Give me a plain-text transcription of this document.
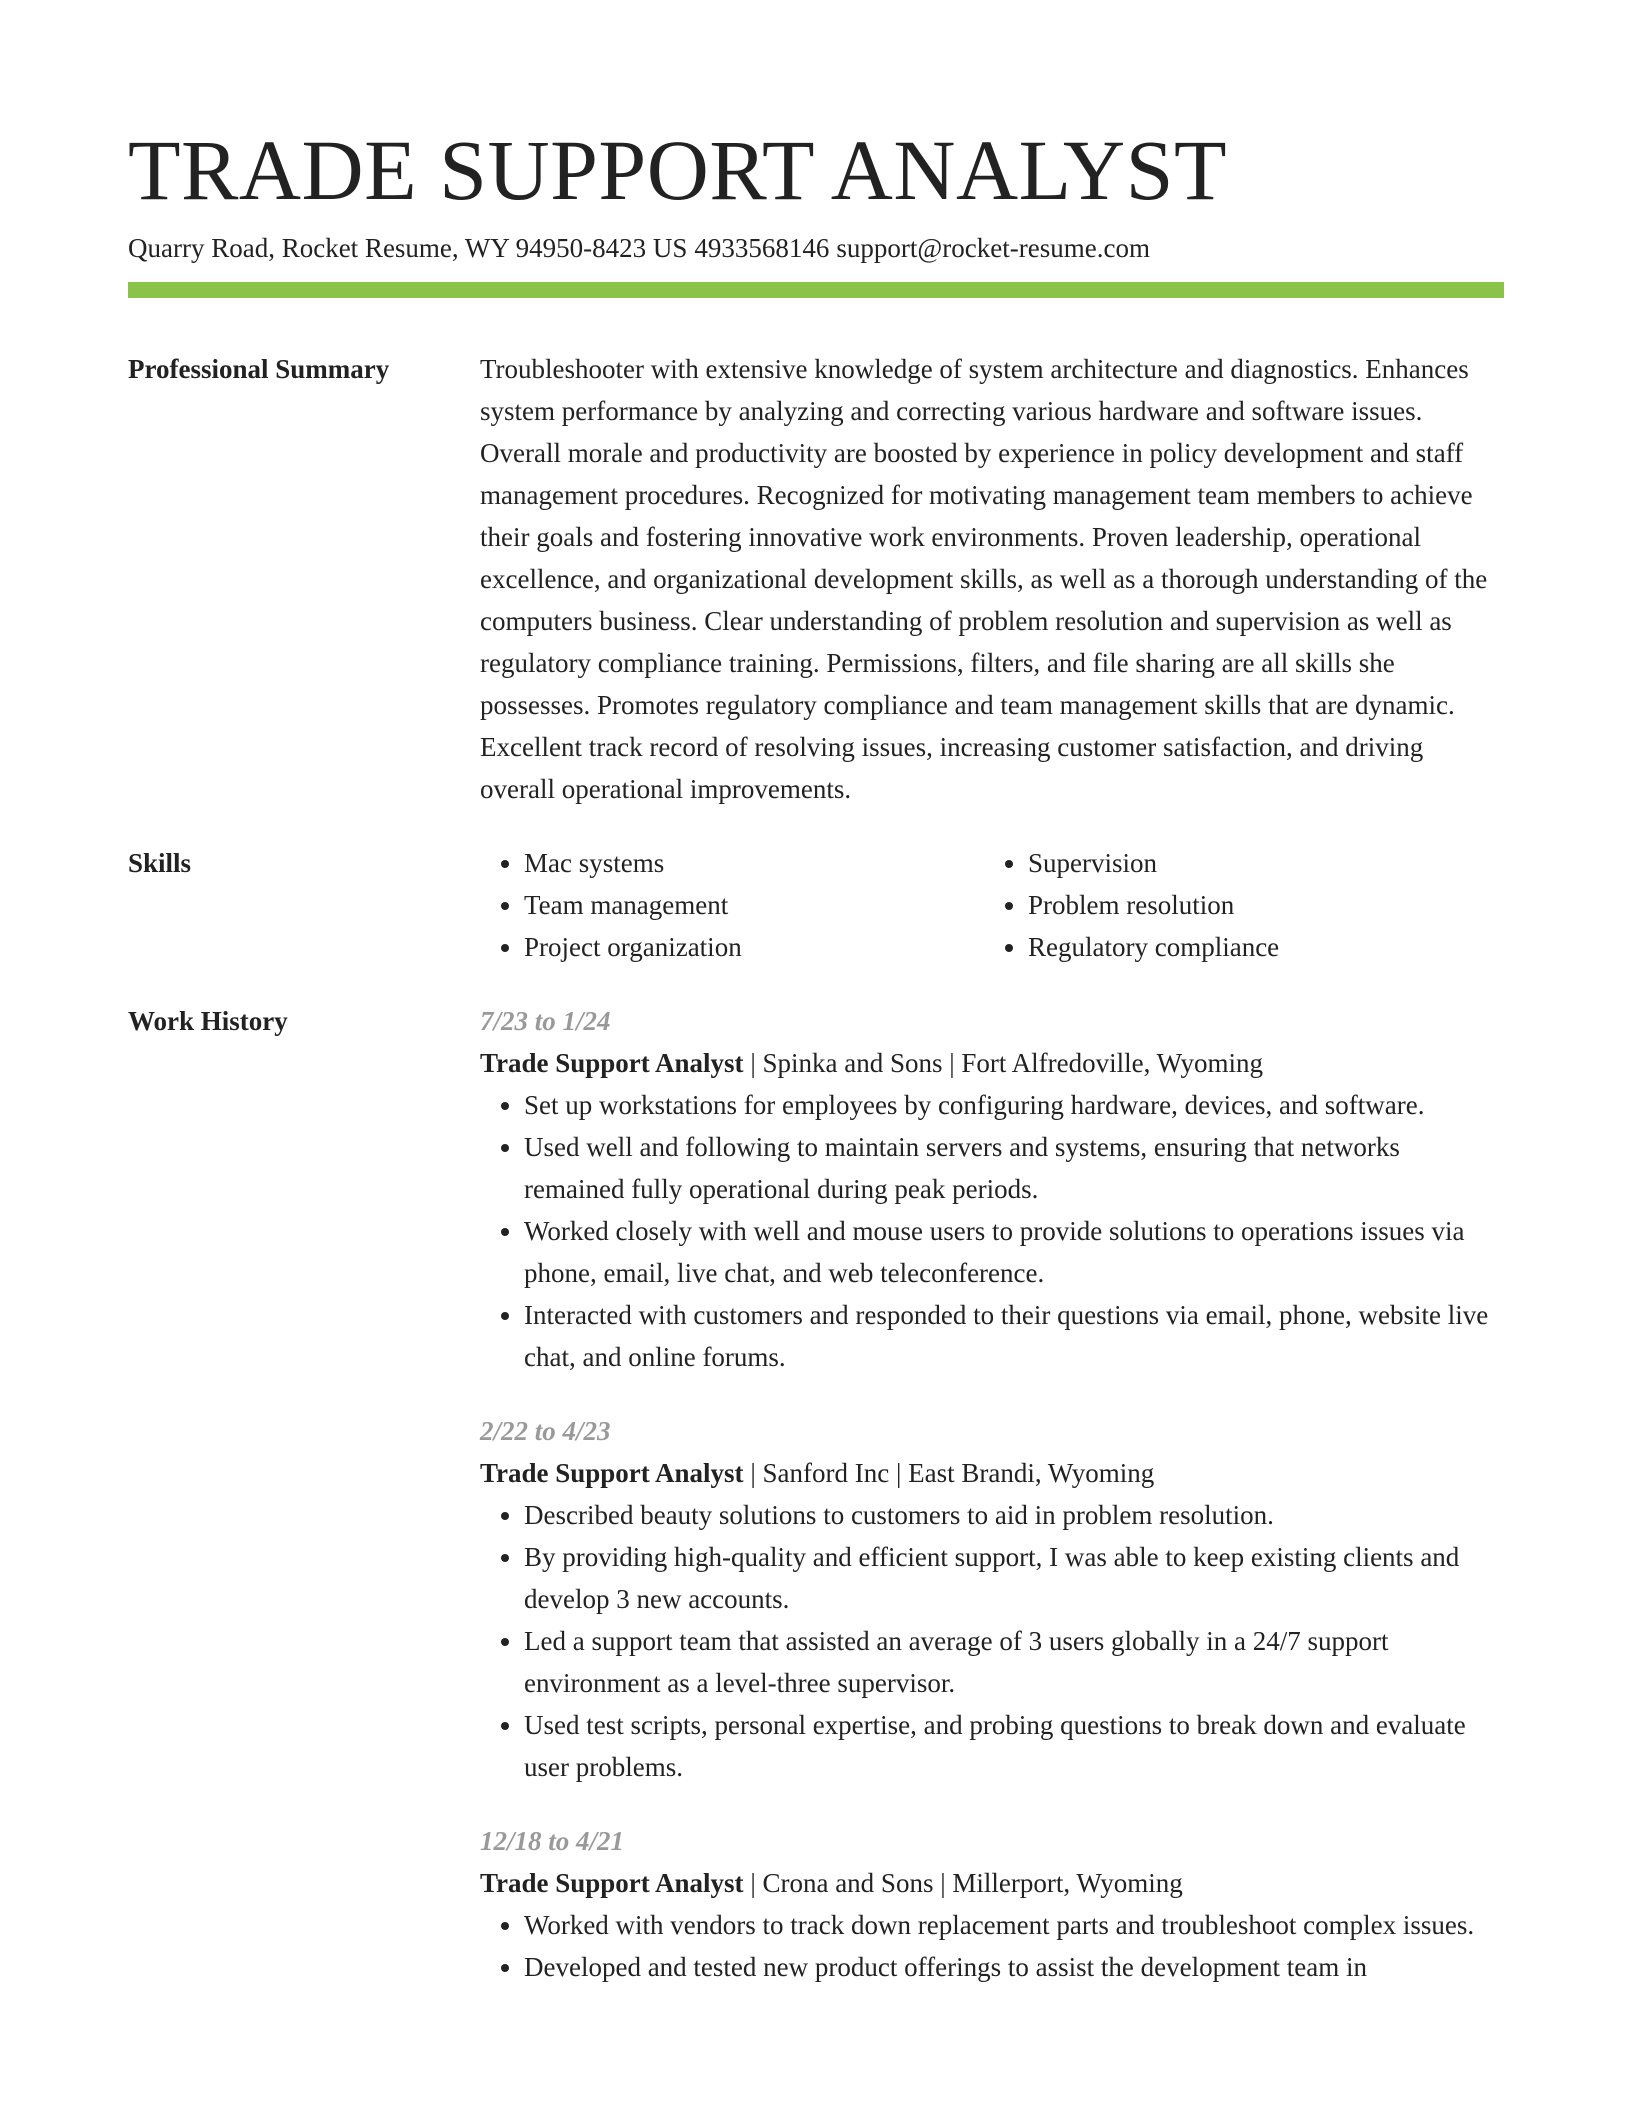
TRADE SUPPORT ANALYST
Quarry Road, Rocket Resume, WY 94950-8423 US 4933568146 support@rocket-resume.com
Professional Summary	Troubleshooter with extensive knowledge of system architecture and diagnostics. Enhances system performance by analyzing and correcting various hardware and software issues. Overall morale and productivity are boosted by experience in policy development and staff management procedures. Recognized for motivating management team members to achieve their goals and fostering innovative work environments. Proven leadership, operational excellence, and organizational development skills, as well as a thorough understanding of the computers business. Clear understanding of problem resolution and supervision as well as regulatory compliance training. Permissions, filters, and file sharing are all skills she possesses. Promotes regulatory compliance and team management skills that are dynamic. Excellent track record of resolving issues, increasing customer satisfaction, and driving overall operational improvements.
Skills
•	Mac systems
• Team management
• Project organization
• Supervision
• Problem resolution
• Regulatory compliance
Work History	7/23 to 1/24
Trade Support Analyst | Spinka and Sons | Fort Alfredoville, Wyoming
• Set up workstations for employees by configuring hardware, devices, and software.
• Used well and following to maintain servers and systems, ensuring that networks remained fully operational during peak periods.
• Worked closely with well and mouse users to provide solutions to operations issues via phone, email, live chat, and web teleconference.
• Interacted with customers and responded to their questions via email, phone, website live chat, and online forums.
2/22 to 4/23
Trade Support Analyst | Sanford Inc | East Brandi, Wyoming
• Described beauty solutions to customers to aid in problem resolution.
• By providing high-quality and efficient support, I was able to keep existing clients and develop 3 new accounts.
• Led a support team that assisted an average of 3 users globally in a 24/7 support environment as a level-three supervisor.
• Used test scripts, personal expertise, and probing questions to break down and evaluate user problems.
12/18 to 4/21
Trade Support Analyst | Crona and Sons | Millerport, Wyoming
• Worked with vendors to track down replacement parts and troubleshoot complex issues.
• Developed and tested new product offerings to assist the development team in
